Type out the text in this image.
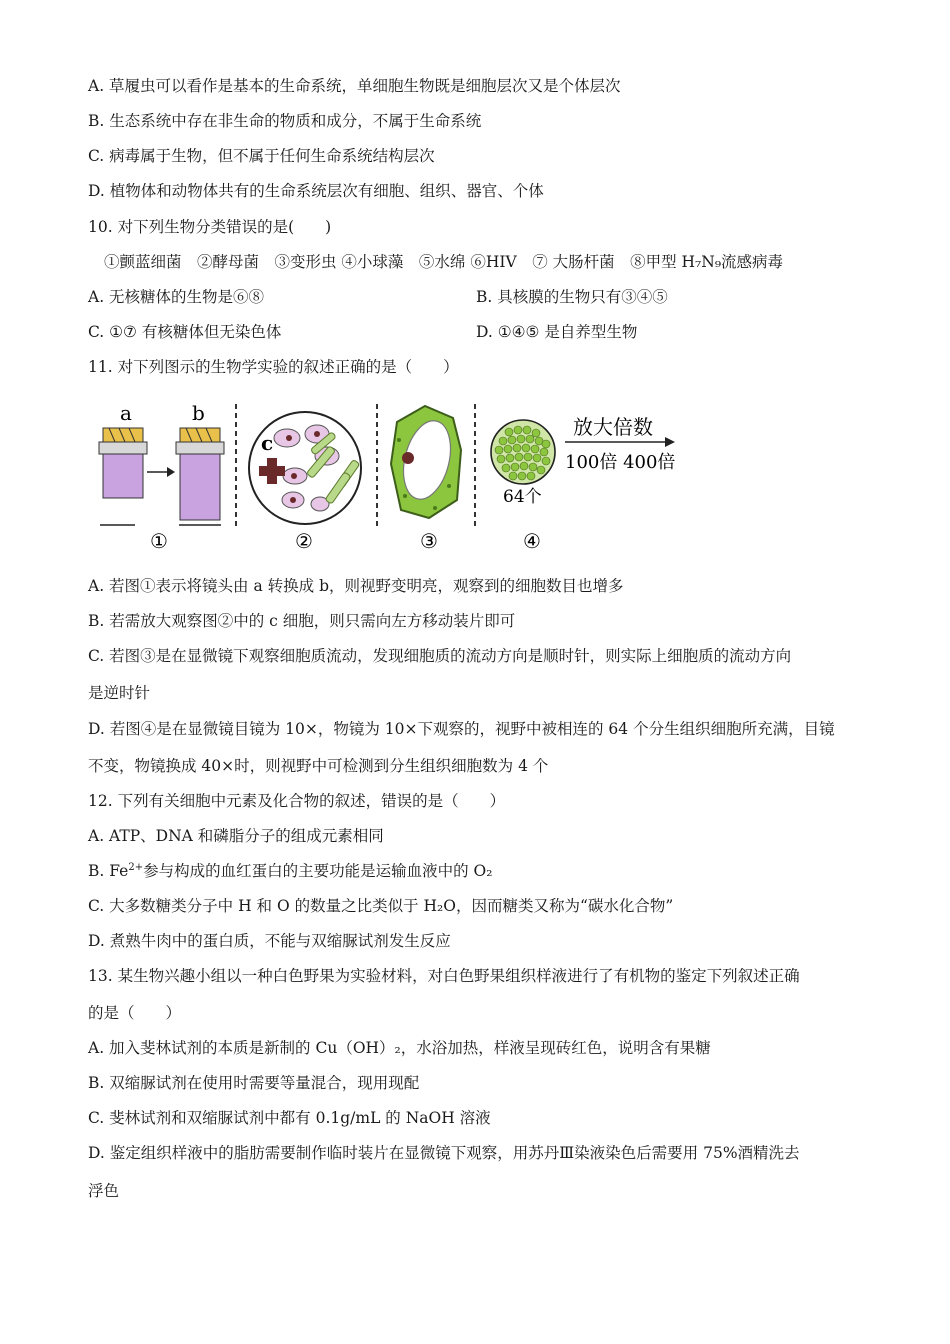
A. 草履虫可以看作是基本的生命系统，单细胞生物既是细胞层次又是个体层次
B. 生态系统中存在非生命的物质和成分，不属于生命系统
C. 病毒属于生物，但不属于任何生命系统结构层次
D. 植物体和动物体共有的生命系统层次有细胞、组织、器官、个体
10. 对下列生物分类错误的是(　　)
①颤蓝细菌　②酵母菌　③变形虫 ④小球藻　⑤水绵 ⑥HIV　⑦ 大肠杆菌　⑧甲型 H₇N₉流感病毒
A. 无核糖体的生物是⑥⑧	B. 具核膜的生物只有③④⑤
C. ①⑦ 有核糖体但无染色体	D. ①④⑤ 是自养型生物
11. 对下列图示的生物学实验的叙述正确的是（　　）
a	b
①
c
②	③
64个
④
放大倍数
100倍 400倍
A. 若图①表示将镜头由 a 转换成 b，则视野变明亮，观察到的细胞数目也增多
B. 若需放大观察图②中的 c 细胞，则只需向左方移动装片即可
C. 若图③是在显微镜下观察细胞质流动，发现细胞质的流动方向是顺时针，则实际上细胞质的流动方向
是逆时针
D. 若图④是在显微镜目镜为 10×，物镜为 10×下观察的，视野中被相连的 64 个分生组织细胞所充满，目镜
不变，物镜换成 40×时，则视野中可检测到分生组织细胞数为 4 个
12. 下列有关细胞中元素及化合物的叙述，错误的是（　　）
A. ATP、DNA 和磷脂分子的组成元素相同
B. $Fe^{2+}$参与构成的血红蛋白的主要功能是运输血液中的 O₂
C. 大多数糖类分子中 H 和 O 的数量之比类似于 H₂O，因而糖类又称为“碳水化合物”
D. 煮熟牛肉中的蛋白质，不能与双缩脲试剂发生反应
13. 某生物兴趣小组以一种白色野果为实验材料，对白色野果组织样液进行了有机物的鉴定下列叙述正确
的是（　　）
A. 加入斐林试剂的本质是新制的 Cu（OH）₂，水浴加热，样液呈现砖红色，说明含有果糖
B. 双缩脲试剂在使用时需要等量混合，现用现配
C. 斐林试剂和双缩脲试剂中都有 0.1g/mL 的 NaOH 溶液
D. 鉴定组织样液中的脂肪需要制作临时装片在显微镜下观察，用苏丹Ⅲ染液染色后需要用 75%酒精洗去
浮色
